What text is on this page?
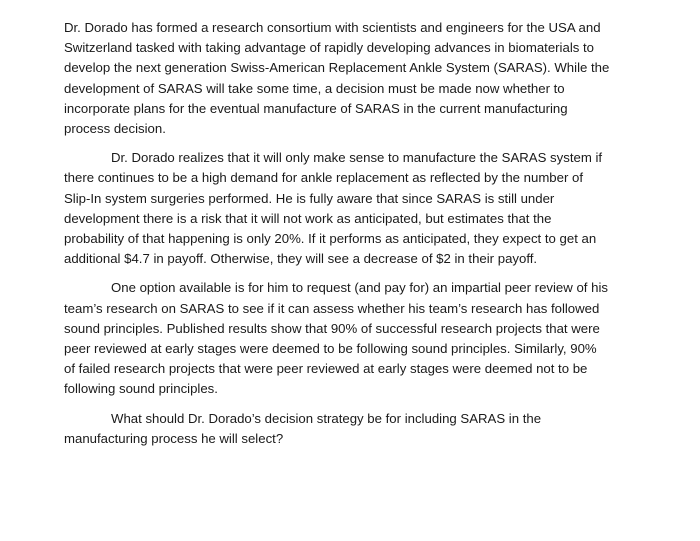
Dr. Dorado has formed a research consortium with scientists and engineers for the USA and
Switzerland tasked with taking advantage of rapidly developing advances in biomaterials to
develop the next generation Swiss-American Replacement Ankle System (SARAS). While the
development of SARAS will take some time, a decision must be made now whether to
incorporate plans for the eventual manufacture of SARAS in the current manufacturing
process decision.

Dr. Dorado realizes that it will only make sense to manufacture the SARAS system if
there continues to be a high demand for ankle replacement as reflected by the number of
Slip-In system surgeries performed. He is fully aware that since SARAS is still under
development there is a risk that it will not work as anticipated, but estimates that the
probability of that happening is only 20%. If it performs as anticipated, they expect to get an
additional $4.7 in payoff. Otherwise, they will see a decrease of $2 in their payoff.

One option available is for him to request (and pay for) an impartial peer review of his
team’s research on SARAS to see if it can assess whether his team’s research has followed
sound principles. Published results show that 90% of successful research projects that were
peer reviewed at early stages were deemed to be following sound principles. Similarly, 90%
of failed research projects that were peer reviewed at early stages were deemed not to be
following sound principles.

What should Dr. Dorado’s decision strategy be for including SARAS in the
manufacturing process he will select?
